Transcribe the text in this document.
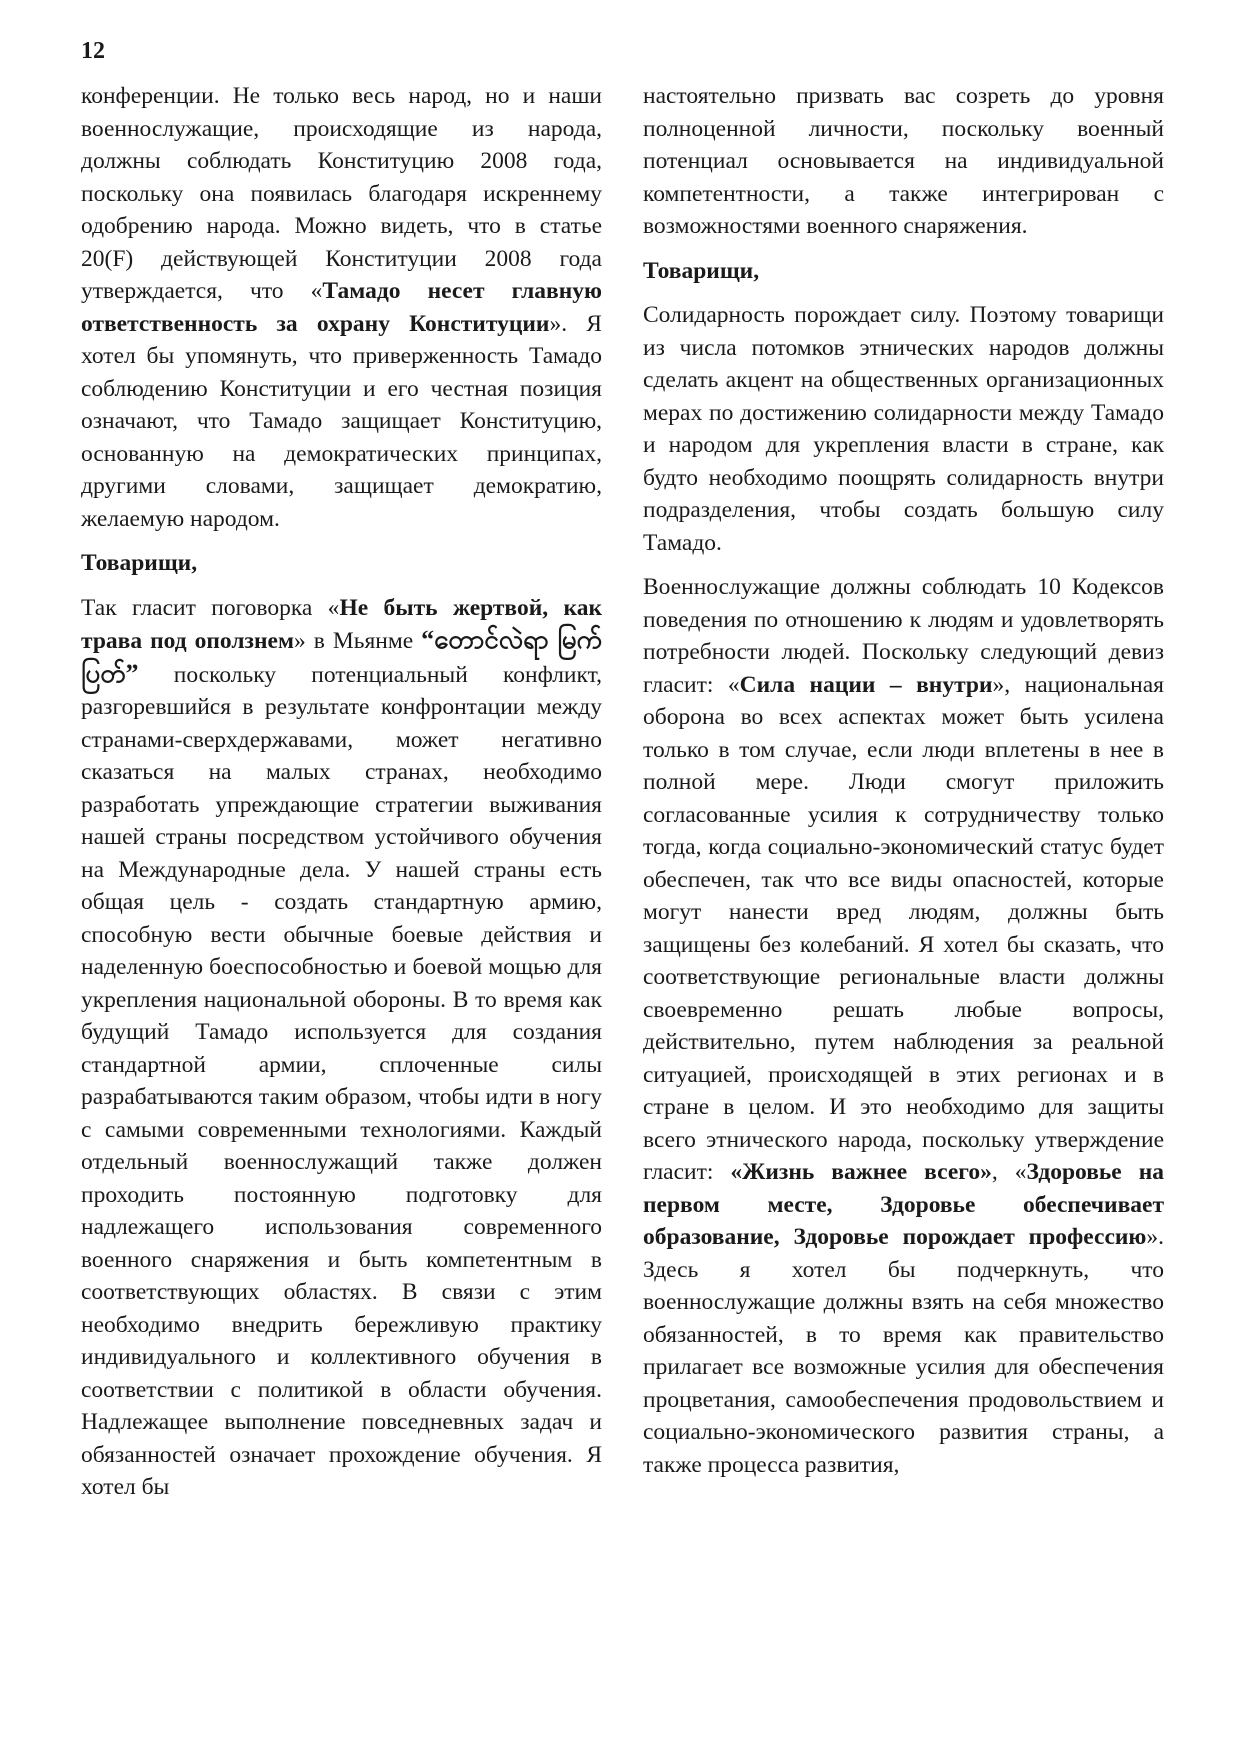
12

конференции. Не только весь народ, но и наши военнослужащие, происходящие из народа, должны соблюдать Конституцию 2008 года, поскольку она появилась благодаря искреннему одобрению народа. Можно видеть, что в статье 20(F) действующей Конституции 2008 года утверждается, что «Тамадо несет главную ответственность за охрану Конституции». Я хотел бы упомянуть, что приверженность Тамадо соблюдению Конституции и его честная позиция означают, что Тамадо защищает Конституцию, основанную на демократических принципах, другими словами, защищает демократию, желаемую народом.

Товарищи,

Так гласит поговорка «Не быть жертвой, как трава под оползнем» в Мьянме “တောင်လဲရာ မြက်ပြတ်” поскольку потенциальный конфликт, разгоревшийся в результате конфронтации между странами-сверхдержавами, может негативно сказаться на малых странах, необходимо разработать упреждающие стратегии выживания нашей страны посредством устойчивого обучения на Международные дела. У нашей страны есть общая цель - создать стандартную армию, способную вести обычные боевые действия и наделенную боеспособностью и боевой мощью для укрепления национальной обороны. В то время как будущий Тамадо используется для создания стандартной армии, сплоченные силы разрабатываются таким образом, чтобы идти в ногу с самыми современными технологиями. Каждый отдельный военнослужащий также должен проходить постоянную подготовку для надлежащего использования современного военного снаряжения и быть компетентным в соответствующих областях. В связи с этим необходимо внедрить бережливую практику индивидуального и коллективного обучения в соответствии с политикой в области обучения. Надлежащее выполнение повседневных задач и обязанностей означает прохождение обучения. Я хотел бы

настоятельно призвать вас созреть до уровня полноценной личности, поскольку военный потенциал основывается на индивидуальной компетентности, а также интегрирован с возможностями военного снаряжения.

Товарищи,

Солидарность порождает силу. Поэтому товарищи из числа потомков этнических народов должны сделать акцент на общественных организационных мерах по достижению солидарности между Тамадо и народом для укрепления власти в стране, как будто необходимо поощрять солидарность внутри подразделения, чтобы создать большую силу Тамадо.

Военнослужащие должны соблюдать 10 Кодексов поведения по отношению к людям и удовлетворять потребности людей. Поскольку следующий девиз гласит: «Сила нации – внутри», национальная оборона во всех аспектах может быть усилена только в том случае, если люди вплетены в нее в полной мере. Люди смогут приложить согласованные усилия к сотрудничеству только тогда, когда социально-экономический статус будет обеспечен, так что все виды опасностей, которые могут нанести вред людям, должны быть защищены без колебаний. Я хотел бы сказать, что соответствующие региональные власти должны своевременно решать любые вопросы, действительно, путем наблюдения за реальной ситуацией, происходящей в этих регионах и в стране в целом. И это необходимо для защиты всего этнического народа, поскольку утверждение гласит: «Жизнь важнее всего», «Здоровье на первом месте, Здоровье обеспечивает образование, Здоровье порождает профессию». Здесь я хотел бы подчеркнуть, что военнослужащие должны взять на себя множество обязанностей, в то время как правительство прилагает все возможные усилия для обеспечения процветания, самообеспечения продовольствием и социально-экономического развития страны, а также процесса развития,
